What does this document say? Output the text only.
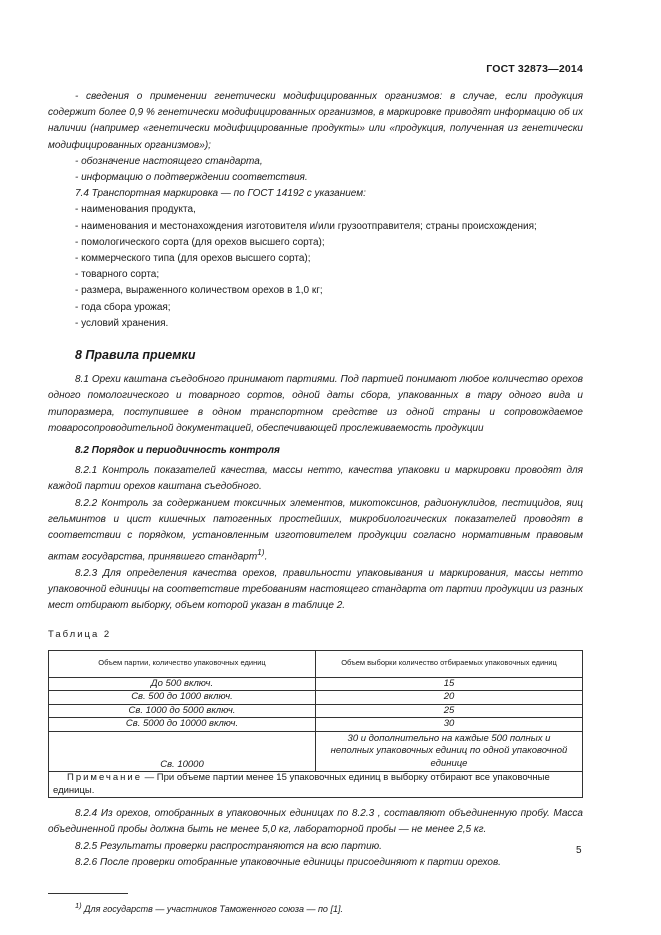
ГОСТ 32873—2014

- сведения о применении генетически модифицированных организмов: в случае, если продукция содержит более 0,9 % генетически модифицированных организмов, в маркировке приводят информацию об их наличии (например «генетически модифицированные продукты» или «продукция, полученная из генетически модифицированных организмов»);

- обозначение настоящего стандарта,

- информацию о подтверждении соответствия.

7.4 Транспортная маркировка — по ГОСТ 14192 с указанием:

- наименования продукта,

- наименования и местонахождения изготовителя и/или грузоотправителя; страны происхождения;

- помологического сорта (для орехов высшего сорта);

- коммерческого типа (для орехов высшего сорта);

- товарного сорта;

- размера, выраженного количеством орехов в 1,0 кг;

- года сбора урожая;

- условий хранения.

8 Правила приемки

8.1 Орехи каштана съедобного принимают партиями. Под партией понимают любое количество орехов одного помологического и товарного сортов, одной даты сбора, упакованных в тару одного вида и типоразмера, поступившее в одном транспортном средстве из одной страны и сопровождаемое товаросопроводительной документацией, обеспечивающей прослеживаемость продукции

8.2 Порядок и периодичность контроля

8.2.1 Контроль показателей качества, массы нетто, качества упаковки и маркировки проводят для каждой партии орехов каштана съедобного.

8.2.2 Контроль за содержанием токсичных элементов, микотоксинов, радионуклидов, пестицидов, яиц гельминтов и цист кишечных патогенных простейших, микробиологических показателей проводят в соответствии с порядком, установленным изготовителем продукции согласно нормативным правовым актам государства, принявшего стандарт$^{1)}$.

8.2.3 Для определения качества орехов, правильности упаковывания и маркирования, массы нетто упаковочной единицы на соответствие требованиям настоящего стандарта от партии продукции из разных мест отбирают выборку, объем которой указан в таблице 2.

Таблица 2
Объем партии, количество упаковочных единиц	Объем выборки количество отбираемых упаковочных единиц
До 500 включ.	15
Св. 500 до 1000 включ.	20
Св. 1000 до 5000 включ.	25
Св. 5000 до 10000 включ.	30
Св. 10000	30 и дополнительно на каждые 500 полных и неполных упаковочных единиц по одной упаковочной единице
Примечание — При объеме партии менее 15 упаковочных единиц в выборку отбирают все упаковочные единицы.	

8.2.4 Из орехов, отобранных в упаковочных единицах по 8.2.3 , составляют объединенную пробу. Масса объединенной пробы должна быть не менее 5,0 кг, лабораторной пробы — не менее 2,5 кг.

8.2.5 Результаты проверки распространяются на всю партию.

8.2.6 После проверки отобранные упаковочные единицы присоединяют к партии орехов.

$^{1)}$ Для государств — участников Таможенного союза — по [1].
5
